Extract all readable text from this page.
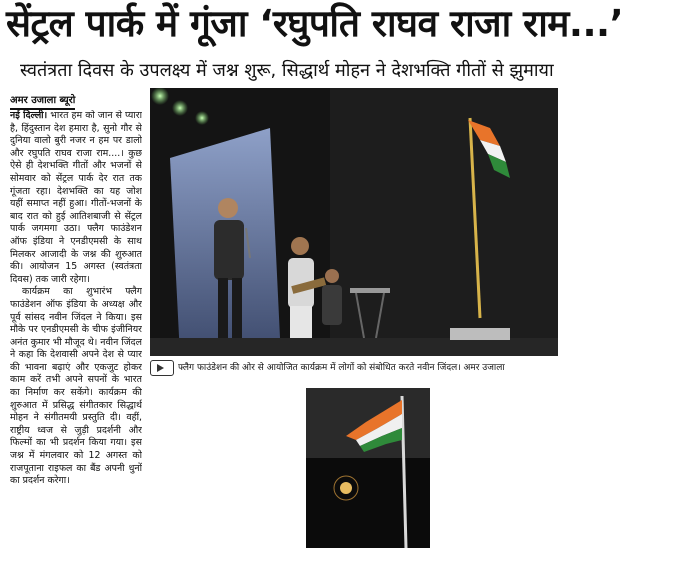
सेंट्रल पार्क में गूंजा ‘रघुपति राघव राजा राम...’
स्वतंत्रता दिवस के उपलक्ष्य में जश्न शुरू, सिद्धार्थ मोहन ने देशभक्ति गीतों से झुमाया
अमर उजाला ब्यूरो

नई दिल्ली। भारत हम को जान से प्यारा है, हिंदुस्तान देश हमारा है, सुनो गौर से दुनिया वालो बुरी नजर न हम पर डालो और रघुपति राघव राजा राम....। कुछ ऐसे ही देशभक्ति गीतों और भजनों से सोमवार को सेंट्रल पार्क देर रात तक गूंजता रहा। देशभक्ति का यह जोश यहीं समाप्त नहीं हुआ। गीतों-भजनों के बाद रात को हुई आतिशबाजी से सेंट्रल पार्क जगमगा उठा। फ्लैग फाउंडेशन ऑफ इंडिया ने एनडीएमसी के साथ मिलकर आजादी के जश्न की शुरुआत की। आयोजन 15 अगस्त (स्वतंत्रता दिवस) तक जारी रहेगा।

कार्यक्रम का शुभारंभ फ्लैग फाउंडेशन ऑफ इंडिया के अध्यक्ष और पूर्व सांसद नवीन जिंदल ने किया। इस मौके पर एनडीएमसी के चीफ इंजीनियर अनंत कुमार भी मौजूद थे। नवीन जिंदल ने कहा कि देशवासी अपने देश से प्यार की भावना बढ़ाएं और एकजुट होकर काम करें तभी अपने सपनों के भारत का निर्माण कर सकेंगे। कार्यक्रम की शुरुआत में प्रसिद्ध संगीतकार सिद्धार्थ मोहन ने संगीतमयी प्रस्तुति दी। वहीं, राष्ट्रीय ध्वज से जुड़ी प्रदर्शनी और फिल्मों का भी प्रदर्शन किया गया। इस जश्न में मंगलवार को 12 अगस्त को राजपूताना राइफल का बैंड अपनी धुनों का प्रदर्शन करेगा।

फ्लैग फाउंडेशन की ओर से आयोजित कार्यक्रम में लोगों को संबोधित करते नवीन जिंदल। अमर उजाला
